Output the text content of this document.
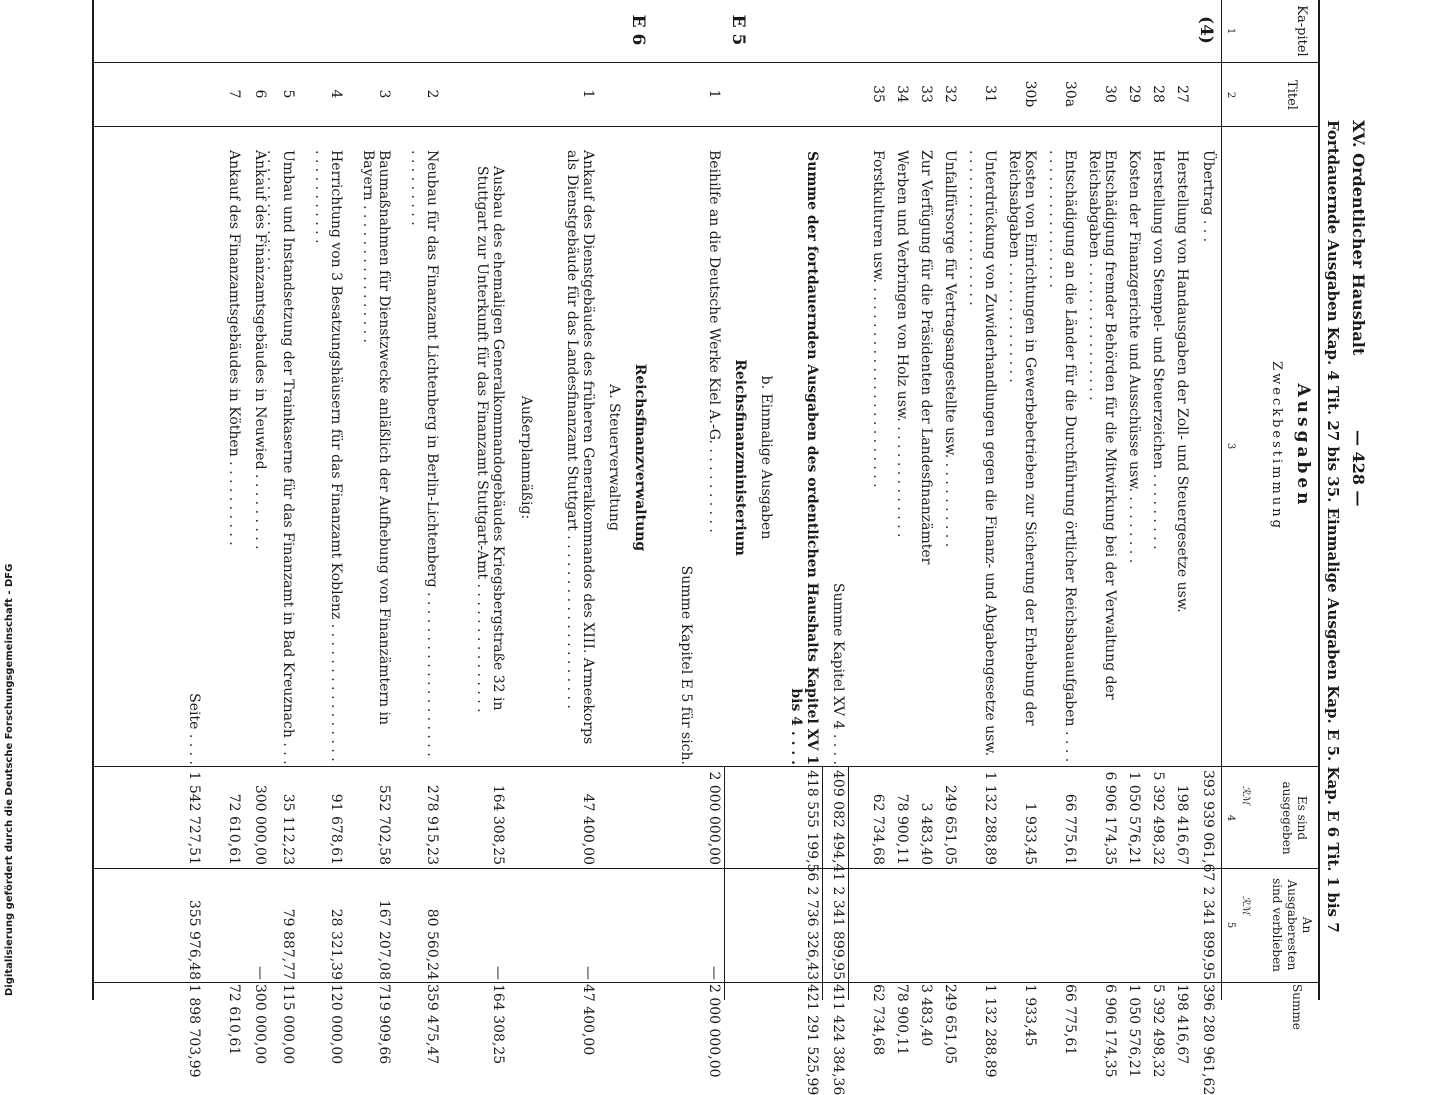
XV. Ordentlicher Haushalt
— 428 —
Fortdauernde Ausgaben Kap. 4 Tit. 27 bis 35. Einmalige Ausgaben Kap. E 5. Kap. E 6 Tit. 1 bis 7
Ka-pitel
Titel
Ausgaben
Zweckbestimmung
Es sind ausgegeben
An Ausgaberesten sind verblieben
Summe
1
2
3
4
5
ℛℳ
ℛℳ
(4)
Übertrag . . .
393 939 061,67
2 341 899,95
396 280 961,62
27
Herstellung von Handausgaben der Zoll- und Steuergesetze usw.
198 416,67
198 416,67
28
Herstellung von Stempel- und Steuerzeichen . . . . . . . . .
5 392 498,32
5 392 498,32
29
Kosten der Finanzgerichte und Ausschüsse usw. . . . . . . . .
1 050 576,21
1 050 576,21
30
Entschädigung fremder Behörden für die Mitwirkung bei der Verwaltung der Reichsabgaben . . . . . . . . . . . . . . . .
6 906 174,35
6 906 174,35
30a
Entschädigung an die Länder für die Durchführung örtlicher Reichsbauaufgaben . . . . . . . . . . . . . . . . . . . .
66 775,61
66 775,61
30b
Kosten von Einrichtungen in Gewerbebetrieben zur Sicherung der Erhebung der Reichsabgaben . . . . . . . . . . . . . .
1 933,45
1 933,45
31
Unterdrückung von Zuwiderhandlungen gegen die Finanz- und Abgabengesetze usw. . . . . . . . . . . . . . . . . . .
1 132 288,89
1 132 288,89
32
Unfallfürsorge für Vertragsangestellte usw. . . . . . . . . . .
249 651,05
249 651,05
33
Zur Verfügung für die Präsidenten der Landesfinanzämter
3 483,40
3 483,40
34
Werben und Verbringen von Holz usw. . . . . . . . . . . . . .
78 900,11
78 900,11
35
Forstkulturen usw. . . . . . . . . . . . . . . . . . . . . . . .
62 734,68
62 734,68
Summe Kapitel XV 4 . . . .
409 082 494,41
2 341 899,95
411 424 384,36
Summe der fortdauernden Ausgaben des ordentlichen Haushalts Kapitel XV 1 bis 4 . . . .
418 555 199,56
2 736 326,43
421 291 525,99
b. Einmalige Ausgaben
E 5
Reichsfinanzministerium
1
Beihilfe an die Deutsche Werke Kiel A.-G. . . . . . . . . . .
2 000 000,00
—
2 000 000,00
Summe Kapitel E 5 für sich.
E 6
Reichsfinanzverwaltung
A. Steuerverwaltung
1
Ankauf des Dienstgebäudes des früheren Generalkommandos des XIII. Armeekorps als Dienstgebäude für das Landesfinanzamt Stuttgart . . . . . . . . . . . . . . . . . . . .
47 400,00
—
47 400,00
Außerplanmäßig:
Ausbau des ehemaligen Generalkommandogebäudes Kriegsbergstraße 32 in Stuttgart zur Unterkunft für das Finanzamt Stuttgart-Amt . . . . . . . . . . . . . . .
164 308,25
—
164 308,25
2
Neubau für das Finanzamt Lichtenberg in Berlin-Lichtenberg . . . . . . . . . . . . . . . . . . . . . . . . . . . .
278 915,23
80 560,24
359 475,47
3
Baumaßnahmen für Dienstzwecke anläßlich der Aufhebung von Finanzämtern in Bayern . . . . . . . . . . . . . . . .
552 702,58
167 207,08
719 909,66
4
Herrichtung von 3 Besatzungshäusern für das Finanzamt Koblenz . . . . . . . . . . . . . . . . . . . . . . . . . . .
91 678,61
28 321,39
120 000,00
5
Umbau und Instandsetzung der Trainkaserne für das Finanzamt in Bad Kreuznach . . . . . . . . . . . . . . . . .
35 112,23
79 887,77
115 000,00
6
Ankauf des Finanzamtsgebäudes in Neuwied . . . . . . . . .
300 000,00
—
300 000,00
7
Ankauf des Finanzamtsgebäudes in Köthen . . . . . . . . . .
72 610,61
72 610,61
Seite . . . .
1 542 727,51
355 976,48
1 898 703,99
Digitalisierung gefördert durch die Deutsche Forschungsgemeinschaft - DFG
